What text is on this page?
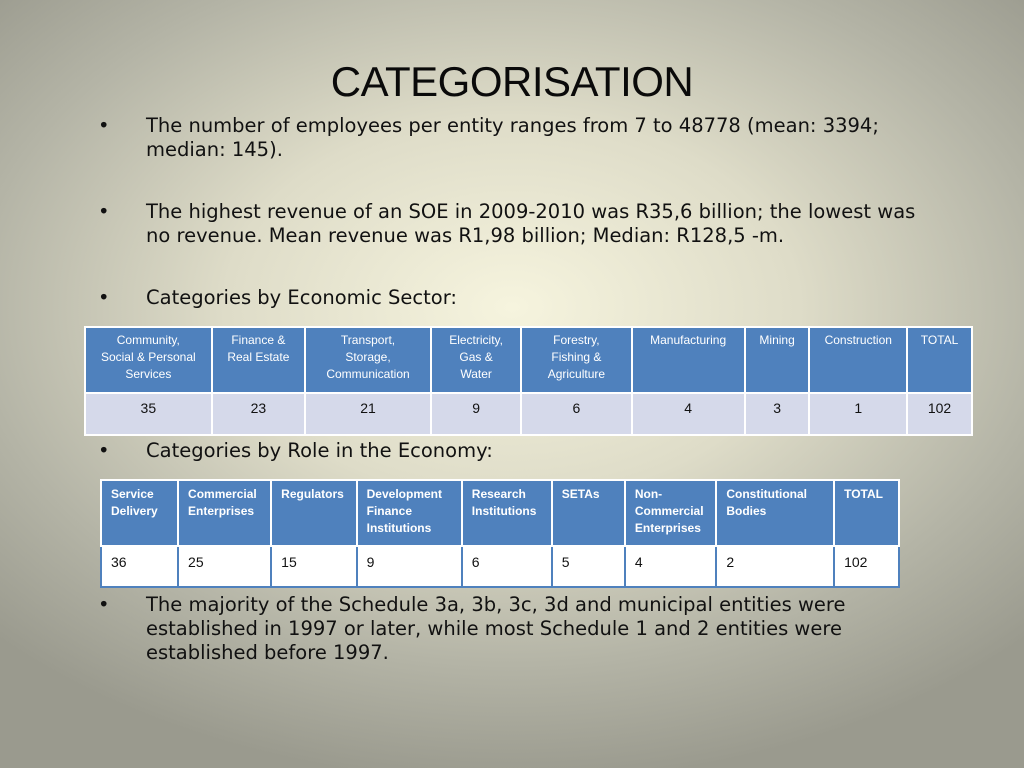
CATEGORISATION
• The number of employees per entity ranges from 7 to 48778 (mean: 3394; median: 145).
• The highest revenue of an SOE in 2009-2010 was R35,6 billion; the lowest was no revenue. Mean revenue was R1,98 billion; Median: R128,5 -m.
• Categories by Economic Sector:
Community,
Social & Personal
Services	Finance &
Real Estate	Transport,
Storage,
Communication	Electricity,
Gas &
Water	Forestry,
Fishing &
Agriculture	Manufacturing	Mining	Construction	TOTAL
35	23	21	9	6	4	3	1	102
• Categories by Role in the Economy:
Service
Delivery	Commercial
Enterprises	Regulators	Development
Finance
Institutions	Research
Institutions	SETAs	Non-
Commercial
Enterprises	Constitutional
Bodies	TOTAL
36	25	15	9	6	5	4	2	102
• The majority of the Schedule 3a, 3b, 3c, 3d and municipal entities were established in 1997 or later, while most Schedule 1 and 2 entities were established before 1997.
